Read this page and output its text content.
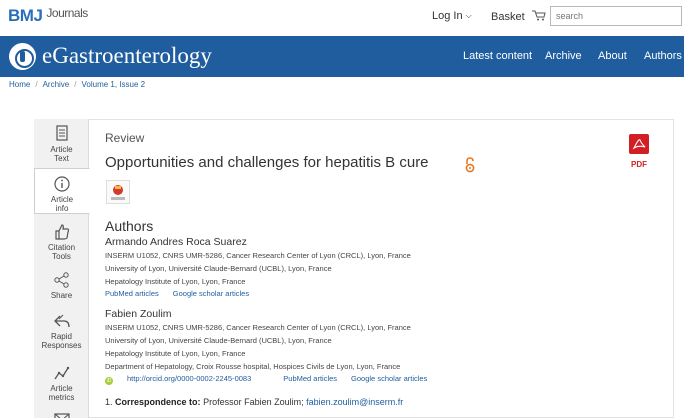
BMJ $^{Journals}$	Log In ⌵ Basket
search
eGastroenterology	Latest content Archive About Authors
Home / Archive / Volume 1, Issue 2
Article
Text
Article
info
Citation
Tools
Share
Rapid
Responses
Article
metrics
Review
Opportunities and challenges for hepatitis B cure	PDF
Authors
Armando Andres Roca Suarez
INSERM U1052, CNRS UMR-5286, Cancer Research Center of Lyon (CRCL), Lyon, France
University of Lyon, Université Claude-Bernard (UCBL), Lyon, France
Hepatology Institute of Lyon, Lyon, France
PubMed articles Google scholar articles
Fabien Zoulim
INSERM U1052, CNRS UMR-5286, Cancer Research Center of Lyon (CRCL), Lyon, France
University of Lyon, Université Claude-Bernard (UCBL), Lyon, France
Hepatology Institute of Lyon, Lyon, France
Department of Hepatology, Croix Rousse hospital, Hospices Civils de Lyon, Lyon, France
iD http://orcid.org/0000-0002-2245-0083	PubMed articles Google scholar articles
1. Correspondence to: Professor Fabien Zoulim; fabien.zoulim@inserm.fr
